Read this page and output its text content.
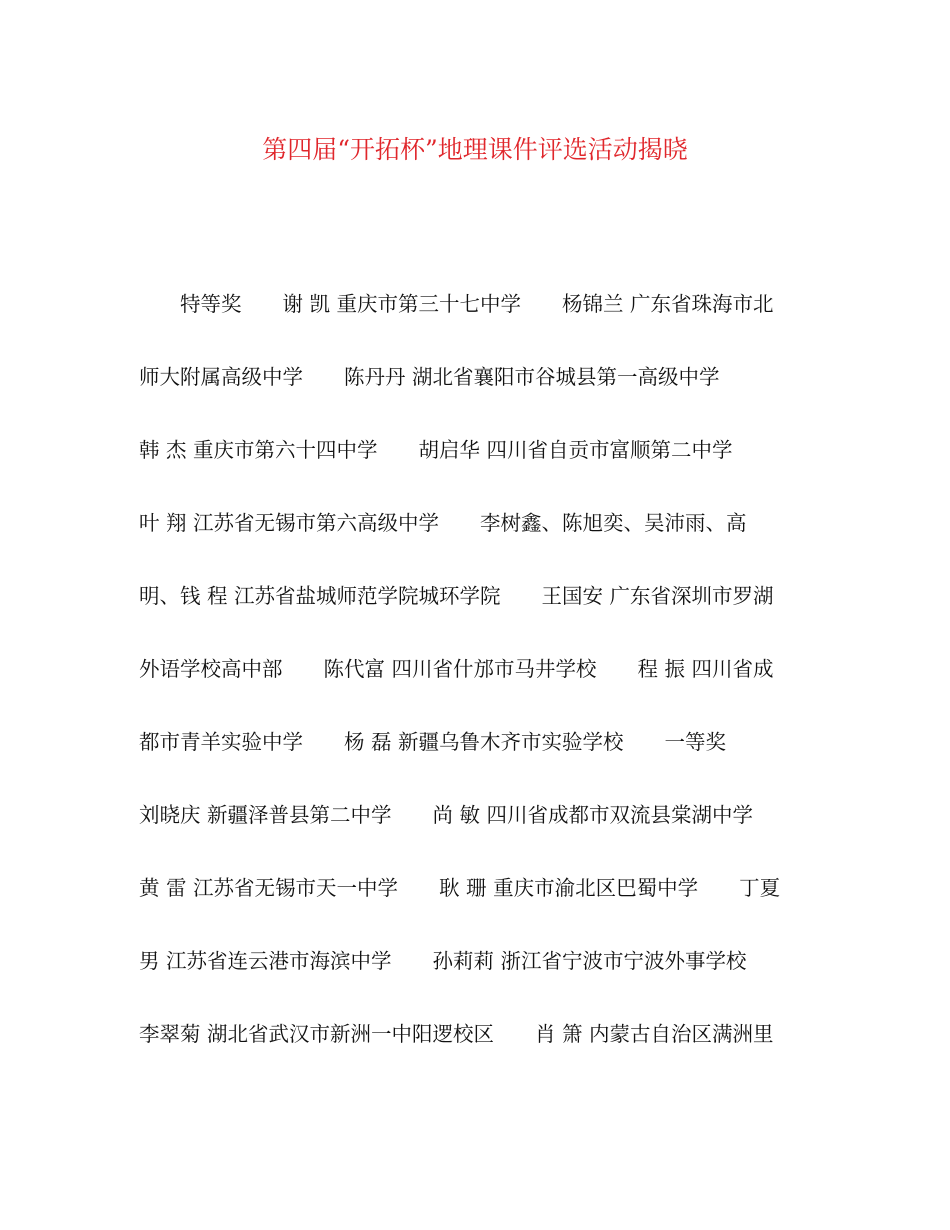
第四届“开拓杯”地理课件评选活动揭晓
　　特等奖　　谢 凯 重庆市第三十七中学　　杨锦兰 广东省珠海市北
师大附属高级中学　　陈丹丹 湖北省襄阳市谷城县第一高级中学
韩 杰 重庆市第六十四中学　　胡启华 四川省自贡市富顺第二中学
叶 翔 江苏省无锡市第六高级中学　　李树鑫、陈旭奕、吴沛雨、高
明、钱 程 江苏省盐城师范学院城环学院　　王国安 广东省深圳市罗湖
外语学校高中部　　陈代富 四川省什邡市马井学校　　程 振 四川省成
都市青羊实验中学　　杨 磊 新疆乌鲁木齐市实验学校　　一等奖
刘晓庆 新疆泽普县第二中学　　尚 敏 四川省成都市双流县棠湖中学
黄 雷 江苏省无锡市天一中学　　耿 珊 重庆市渝北区巴蜀中学　　丁夏
男 江苏省连云港市海滨中学　　孙莉莉 浙江省宁波市宁波外事学校
李翠菊 湖北省武汉市新洲一中阳逻校区　　肖 箫 内蒙古自治区满洲里
